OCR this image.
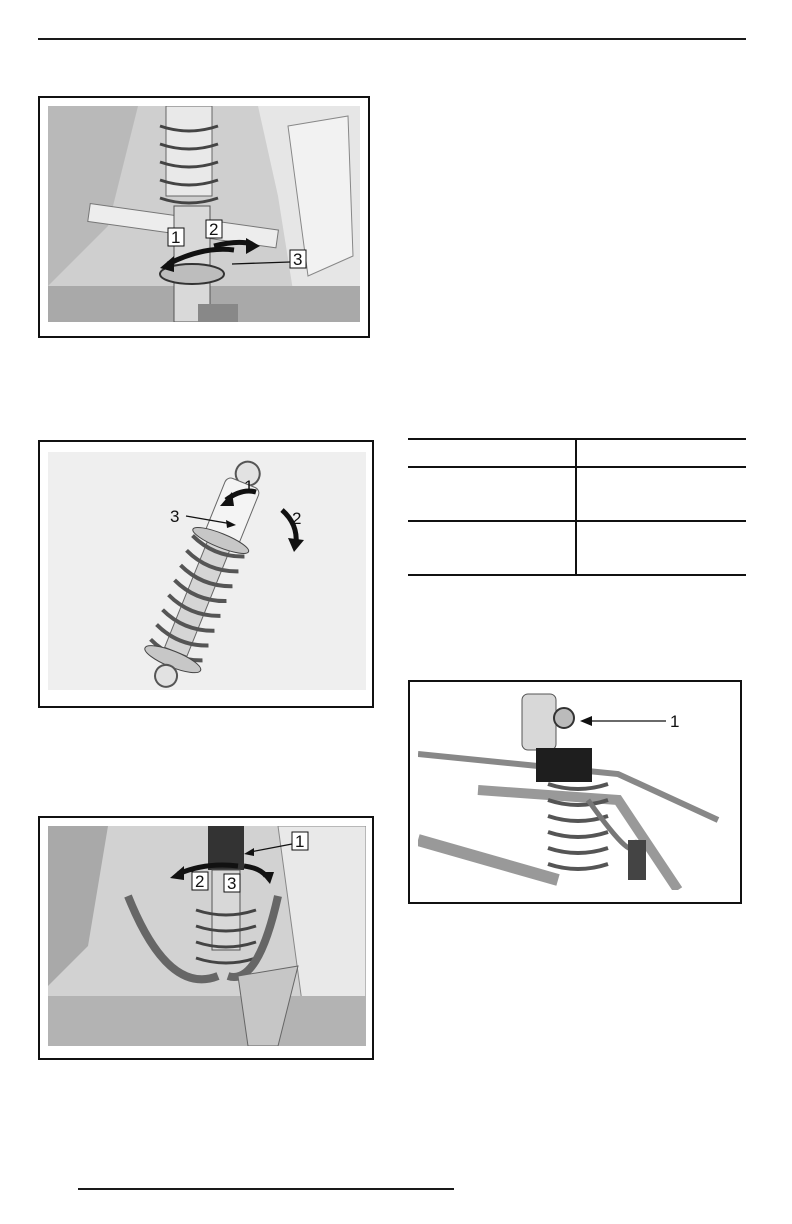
1 2
3
1
2
3
1
2 3
1
